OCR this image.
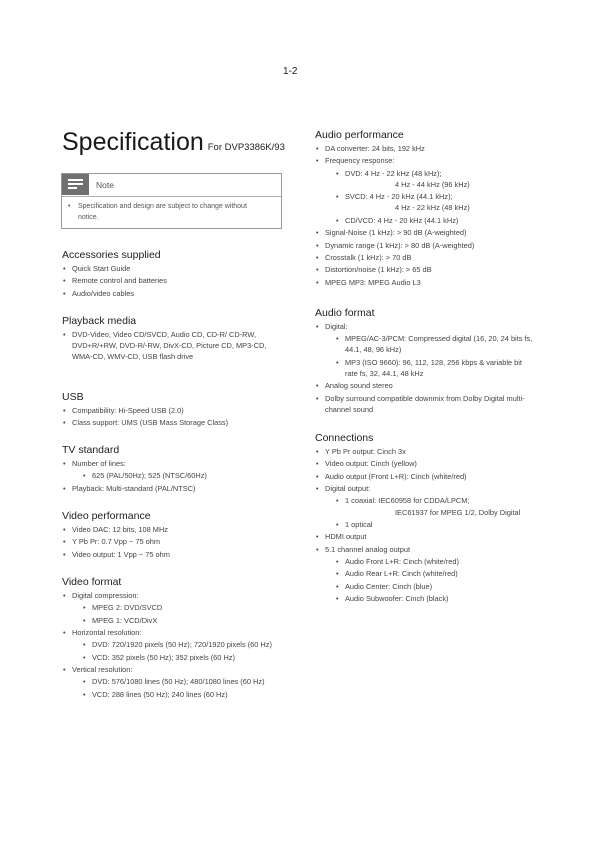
1-2
Specification For DVP3386K/93
Note
•	Specification and design are subject to change without notice.
Accessories supplied
• Quick Start Guide
• Remote control and batteries
• Audio/video cables
Playback media
• DVD-Video, Video CD/SVCD, Audio CD, CD-R/ CD-RW, DVD+R/+RW, DVD-R/-RW, DivX-CD, Picture CD, MP3-CD, WMA-CD, WMV-CD, USB flash drive
USB
• Compatibility: Hi-Speed USB (2.0)
• Class support: UMS (USB Mass Storage Class)
TV standard
• Number of lines:
• 625 (PAL/50Hz); 525 (NTSC/60Hz)
• Playback: Multi-standard (PAL/NTSC)
Video performance
• Video DAC: 12 bits, 108 MHz
• Y Pb Pr: 0.7 Vpp ~ 75 ohm
• Video output: 1 Vpp ~ 75 ohm
Video format
• Digital compression:
• MPEG 2: DVD/SVCD
• MPEG 1: VCD/DivX
• Horizontal resolution:
• DVD: 720/1920 pixels (50 Hz); 720/1920 pixels (60 Hz)
• VCD: 352 pixels (50 Hz); 352 pixels (60 Hz)
• Vertical resolution:
• DVD: 576/1080 lines (50 Hz); 480/1080 lines (60 Hz)
• VCD: 288 lines (50 Hz); 240 lines (60 Hz)
Audio performance
• DA converter: 24 bits, 192 kHz
• Frequency response:
• DVD: 4 Hz - 22 kHz (48 kHz);
4 Hz - 44 kHz (96 kHz)
• SVCD: 4 Hz - 20 kHz (44.1 kHz);
4 Hz - 22 kHz (48 kHz)
• CD/VCD: 4 Hz - 20 kHz (44.1 kHz)
• Signal-Noise (1 kHz): > 90 dB (A-weighted)
• Dynamic range (1 kHz): > 80 dB (A-weighted)
• Crosstalk (1 kHz): > 70 dB
• Distortion/noise (1 kHz): > 65 dB
• MPEG MP3: MPEG Audio L3
Audio format
• Digital:
• MPEG/AC-3/PCM: Compressed digital (16, 20, 24 bits fs, 44.1, 48, 96 kHz)
• MP3 (ISO 9660): 96, 112, 128, 256 kbps & variable bit rate fs, 32, 44.1, 48 kHz
• Analog sound stereo
• Dolby surround compatible downmix from Dolby Digital multi-channel sound
Connections
• Y Pb Pr output: Cinch 3x
• Video output: Cinch (yellow)
• Audio output (Front L+R): Cinch (white/red)
• Digital output:
• 1 coaxial: IEC60958 for CDDA/LPCM;
IEC61937 for MPEG 1/2, Dolby Digital
• 1 optical
• HDMI output
• 5.1 channel analog output
• Audio Front L+R: Cinch (white/red)
• Audio Rear L+R: Cinch (white/red)
• Audio Center: Cinch (blue)
• Audio Subwoofer: Cinch (black)
